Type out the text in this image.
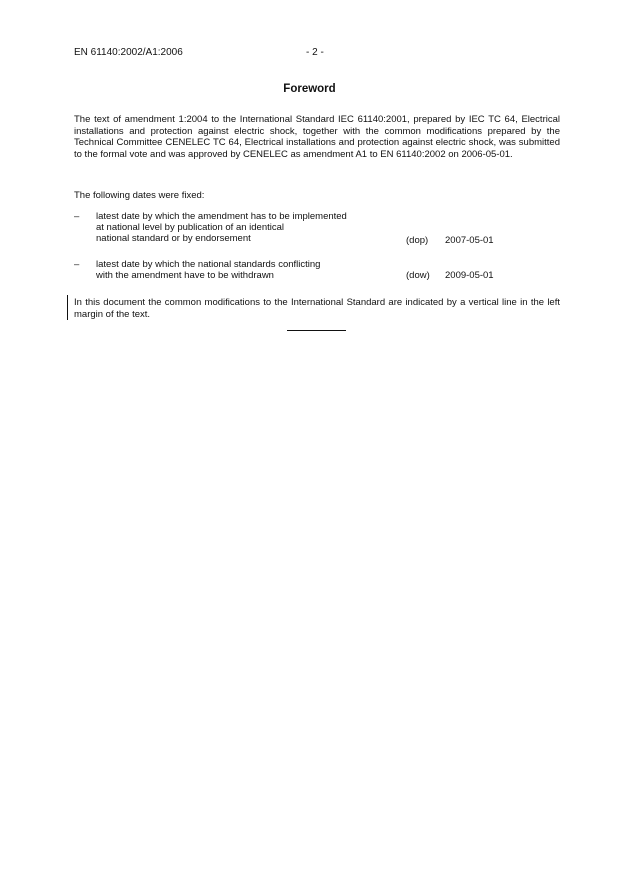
EN 61140:2002/A1:2006	- 2 -
Foreword
The text of amendment 1:2004 to the International Standard IEC 61140:2001, prepared by IEC TC 64, Electrical installations and protection against electric shock, together with the common modifications prepared by the Technical Committee CENELEC TC 64, Electrical installations and protection against electric shock, was submitted to the formal vote and was approved by CENELEC as amendment A1 to EN 61140:2002 on 2006-05-01.
The following dates were fixed:
– latest date by which the amendment has to be implemented
at national level by publication of an identical
national standard or by endorsement	(dop) 2007-05-01
– latest date by which the national standards conflicting
with the amendment have to be withdrawn	(dow) 2009-05-01
In this document the common modifications to the International Standard are indicated by a vertical line in the left margin of the text.
